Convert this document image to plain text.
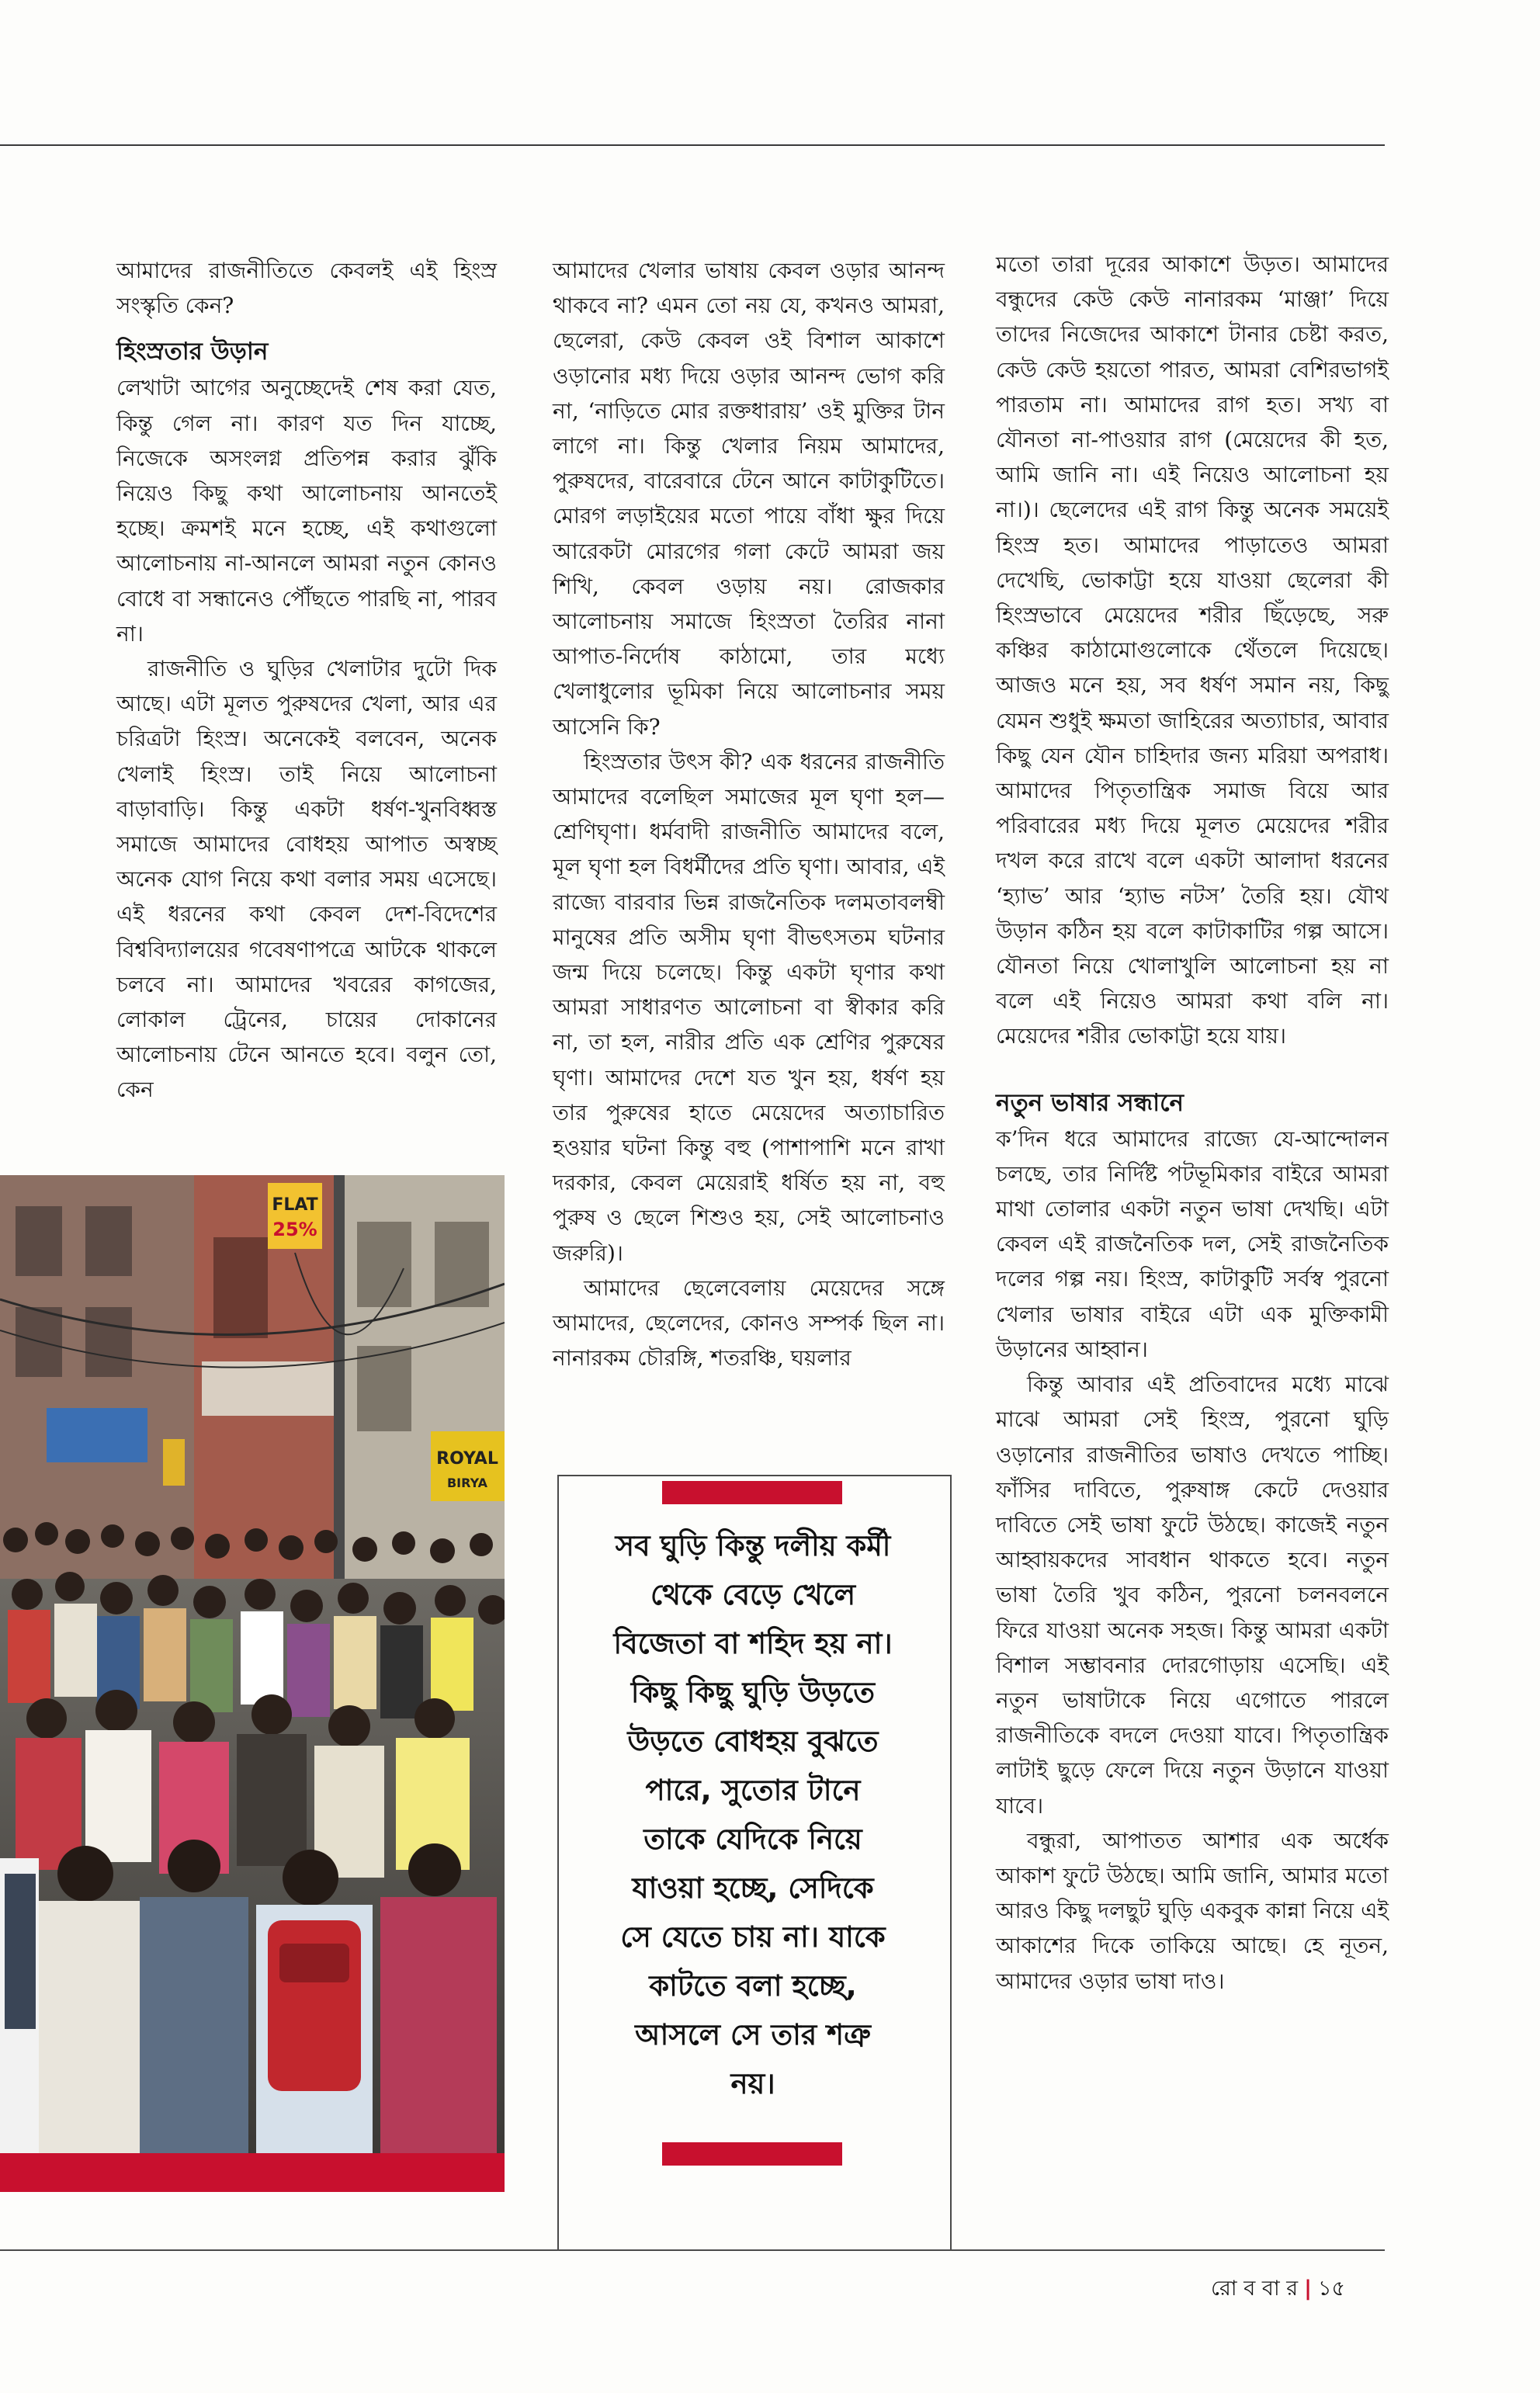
আমাদের রাজনীতিতে কেবলই এই হিংস্র সংস্কৃতি কেন?

হিংস্রতার উড়ান

লেখাটা আগের অনুচ্ছেদেই শেষ করা যেত, কিন্তু গেল না। কারণ যত দিন যাচ্ছে, নিজেকে অসংলগ্ন প্রতিপন্ন করার ঝুঁকি নিয়েও কিছু কথা আলোচনায় আনতেই হচ্ছে। ক্রমশই মনে হচ্ছে, এই কথাগুলো আলোচনায় না-আনলে আমরা নতুন কোনও বোধে বা সন্ধানেও পৌঁছতে পারছি না, পারব না।

রাজনীতি ও ঘুড়ির খেলাটার দুটো দিক আছে। এটা মূলত পুরুষদের খেলা, আর এর চরিত্রটা হিংস্র। অনেকেই বলবেন, অনেক খেলাই হিংস্র। তাই নিয়ে আলোচনা বাড়াবাড়ি। কিন্তু একটা ধর্ষণ-খুনবিধ্বস্ত সমাজে আমাদের বোধহয় আপাত অস্বচ্ছ অনেক যোগ নিয়ে কথা বলার সময় এসেছে। এই ধরনের কথা কেবল দেশ-বিদেশের বিশ্ববিদ্যালয়ের গবেষণাপত্রে আটকে থাকলে চলবে না। আমাদের খবরের কাগজের, লোকাল ট্রেনের, চায়ের দোকানের আলোচনায় টেনে আনতে হবে। বলুন তো, কেন

আমাদের খেলার ভাষায় কেবল ওড়ার আনন্দ থাকবে না? এমন তো নয় যে, কখনও আমরা, ছেলেরা, কেউ কেবল ওই বিশাল আকাশে ওড়ানোর মধ্য দিয়ে ওড়ার আনন্দ ভোগ করি না, ‘নাড়িতে মোর রক্তধারায়’ ওই মুক্তির টান লাগে না। কিন্তু খেলার নিয়ম আমাদের, পুরুষদের, বারেবারে টেনে আনে কাটাকুটিতে। মোরগ লড়াইয়ের মতো পায়ে বাঁধা ক্ষুর দিয়ে আরেকটা মোরগের গলা কেটে আমরা জয় শিখি, কেবল ওড়ায় নয়। রোজকার আলোচনায় সমাজে হিংস্রতা তৈরির নানা আপাত-নির্দোষ কাঠামো, তার মধ্যে খেলাধুলোর ভূমিকা নিয়ে আলোচনার সময় আসেনি কি?

হিংস্রতার উৎস কী? এক ধরনের রাজনীতি আমাদের বলেছিল সমাজের মূল ঘৃণা হল— শ্রেণিঘৃণা। ধর্মবাদী রাজনীতি আমাদের বলে, মূল ঘৃণা হল বিধর্মীদের প্রতি ঘৃণা। আবার, এই রাজ্যে বারবার ভিন্ন রাজনৈতিক দলমতাবলম্বী মানুষের প্রতি অসীম ঘৃণা বীভৎসতম ঘটনার জন্ম দিয়ে চলেছে। কিন্তু একটা ঘৃণার কথা আমরা সাধারণত আলোচনা বা স্বীকার করি না, তা হল, নারীর প্রতি এক শ্রেণির পুরুষের ঘৃণা। আমাদের দেশে যত খুন হয়, ধর্ষণ হয় তার পুরুষের হাতে মেয়েদের অত্যাচারিত হওয়ার ঘটনা কিন্তু বহু (পাশাপাশি মনে রাখা দরকার, কেবল মেয়েরাই ধর্ষিত হয় না, বহু পুরুষ ও ছেলে শিশুও হয়, সেই আলোচনাও জরুরি)।

আমাদের ছেলেবেলায় মেয়েদের সঙ্গে আমাদের, ছেলেদের, কোনও সম্পর্ক ছিল না। নানারকম চৌরঙ্গি, শতরঞ্চি, ঘয়লার

মতো তারা দূরের আকাশে উড়ত। আমাদের বন্ধুদের কেউ কেউ নানারকম ‘মাঞ্জা’ দিয়ে তাদের নিজেদের আকাশে টানার চেষ্টা করত, কেউ কেউ হয়তো পারত, আমরা বেশিরভাগই পারতাম না। আমাদের রাগ হত। সখ্য বা যৌনতা না-পাওয়ার রাগ (মেয়েদের কী হত, আমি জানি না। এই নিয়েও আলোচনা হয় না।)। ছেলেদের এই রাগ কিন্তু অনেক সময়েই হিংস্র হত। আমাদের পাড়াতেও আমরা দেখেছি, ভোকাট্টা হয়ে যাওয়া ছেলেরা কী হিংস্রভাবে মেয়েদের শরীর ছিঁড়েছে, সরু কঞ্চির কাঠামোগুলোকে থেঁতলে দিয়েছে। আজও মনে হয়, সব ধর্ষণ সমান নয়, কিছু যেমন শুধুই ক্ষমতা জাহিরের অত্যাচার, আবার কিছু যেন যৌন চাহিদার জন্য মরিয়া অপরাধ। আমাদের পিতৃতান্ত্রিক সমাজ বিয়ে আর পরিবারের মধ্য দিয়ে মূলত মেয়েদের শরীর দখল করে রাখে বলে একটা আলাদা ধরনের ‘হ্যাভ’ আর ‘হ্যাভ নটস’ তৈরি হয়। যৌথ উড়ান কঠিন হয় বলে কাটাকাটির গল্প আসে। যৌনতা নিয়ে খোলাখুলি আলোচনা হয় না বলে এই নিয়েও আমরা কথা বলি না। মেয়েদের শরীর ভোকাট্টা হয়ে যায়।

নতুন ভাষার সন্ধানে

ক’দিন ধরে আমাদের রাজ্যে যে-আন্দোলন চলছে, তার নির্দিষ্ট পটভূমিকার বাইরে আমরা মাথা তোলার একটা নতুন ভাষা দেখছি। এটা কেবল এই রাজনৈতিক দল, সেই রাজনৈতিক দলের গল্প নয়। হিংস্র, কাটাকুটি সর্বস্ব পুরনো খেলার ভাষার বাইরে এটা এক মুক্তিকামী উড়ানের আহ্বান।

কিন্তু আবার এই প্রতিবাদের মধ্যে মাঝে মাঝে আমরা সেই হিংস্র, পুরনো ঘুড়ি ওড়ানোর রাজনীতির ভাষাও দেখতে পাচ্ছি। ফাঁসির দাবিতে, পুরুষাঙ্গ কেটে দেওয়ার দাবিতে সেই ভাষা ফুটে উঠছে। কাজেই নতুন আহ্বায়কদের সাবধান থাকতে হবে। নতুন ভাষা তৈরি খুব কঠিন, পুরনো চলনবলনে ফিরে যাওয়া অনেক সহজ। কিন্তু আমরা একটা বিশাল সম্ভাবনার দোরগোড়ায় এসেছি। এই নতুন ভাষাটাকে নিয়ে এগোতে পারলে রাজনীতিকে বদলে দেওয়া যাবে। পিতৃতান্ত্রিক লাটাই ছুড়ে ফেলে দিয়ে নতুন উড়ানে যাওয়া যাবে।

বন্ধুরা, আপাতত আশার এক অর্ধেক আকাশ ফুটে উঠছে। আমি জানি, আমার মতো আরও কিছু দলছুট ঘুড়ি একবুক কান্না নিয়ে এই আকাশের দিকে তাকিয়ে আছে। হে নূতন, আমাদের ওড়ার ভাষা দাও।

সব ঘুড়ি কিন্তু দলীয় কর্মী থেকে বেড়ে খেলে বিজেতা বা শহিদ হয় না। কিছু কিছু ঘুড়ি উড়তে উড়তে বোধহয় বুঝতে পারে, সুতোর টানে তাকে যেদিকে নিয়ে যাওয়া হচ্ছে, সেদিকে সে যেতে চায় না। যাকে কাটতে বলা হচ্ছে, আসলে সে তার শত্রু নয়।
FLAT
25%
ROYAL
BIRYA
রো ব বা র | ১৫
